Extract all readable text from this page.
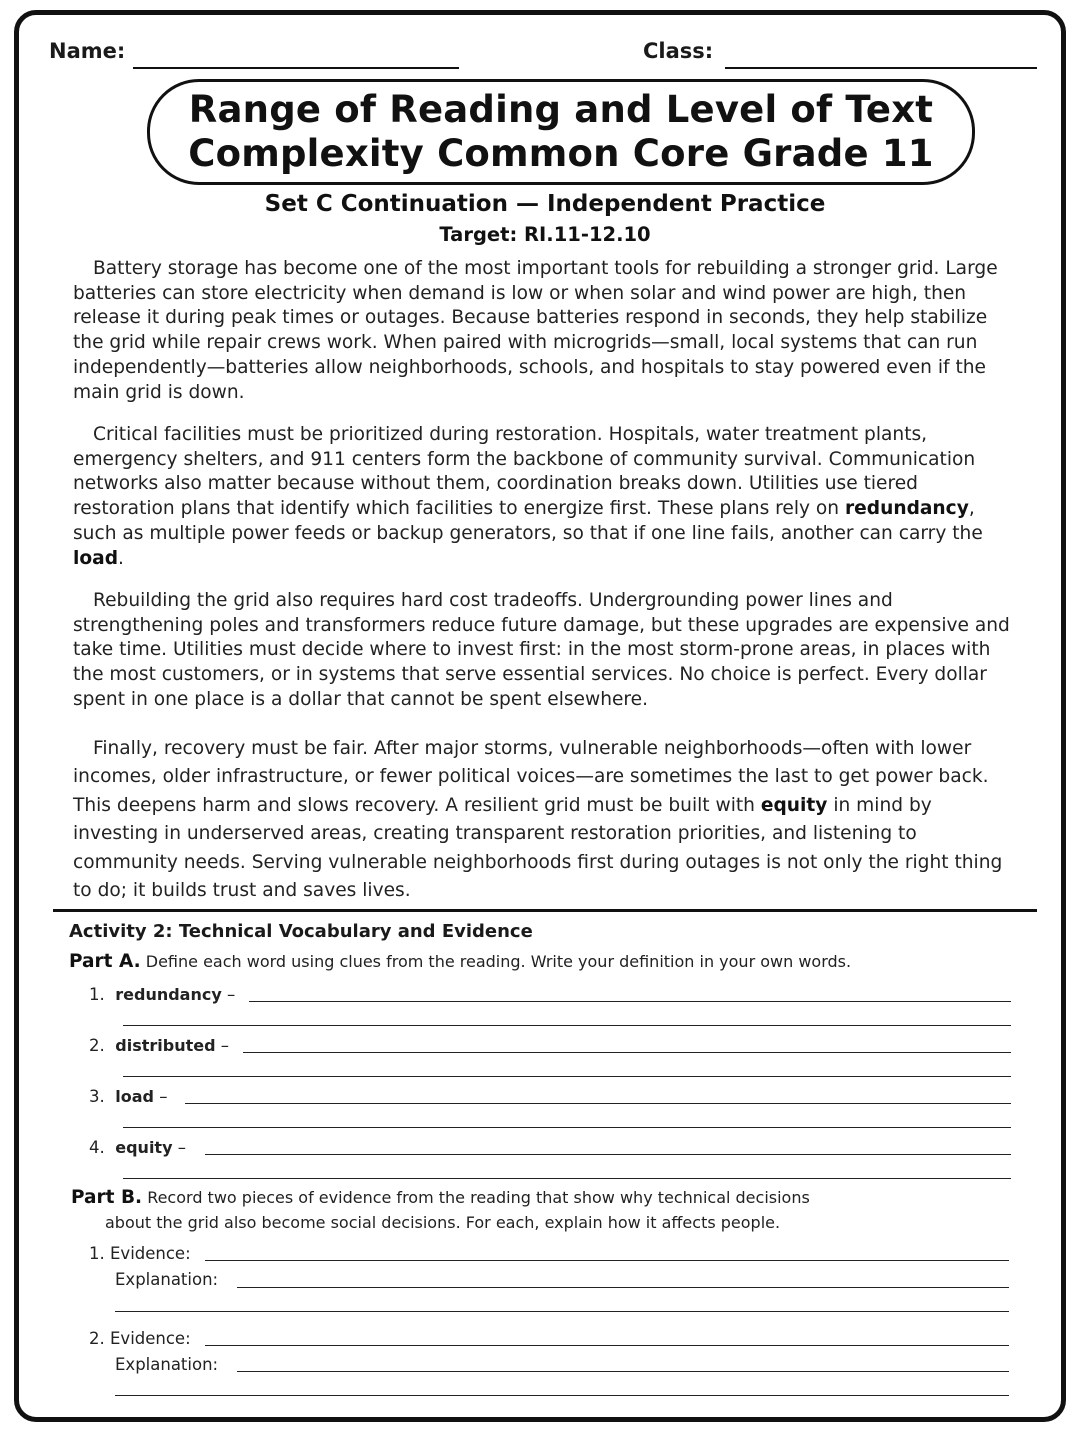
Name:	Class:
Range of Reading and Level of Text
Complexity Common Core Grade 11
Set C Continuation — Independent Practice
Target: RI.11-12.10

Battery storage has become one of the most important tools for rebuilding a stronger grid. Large batteries can store electricity when demand is low or when solar and wind power are high, then release it during peak times or outages. Because batteries respond in seconds, they help stabilize the grid while repair crews work. When paired with microgrids—small, local systems that can run independently—batteries allow neighborhoods, schools, and hospitals to stay powered even if the main grid is down.

Critical facilities must be prioritized during restoration. Hospitals, water treatment plants, emergency shelters, and 911 centers form the backbone of community survival. Communication networks also matter because without them, coordination breaks down. Utilities use tiered restoration plans that identify which facilities to energize first. These plans rely on redundancy, such as multiple power feeds or backup generators, so that if one line fails, another can carry the load.

Rebuilding the grid also requires hard cost tradeoffs. Undergrounding power lines and strengthening poles and transformers reduce future damage, but these upgrades are expensive and take time. Utilities must decide where to invest first: in the most storm-prone areas, in places with the most customers, or in systems that serve essential services. No choice is perfect. Every dollar spent in one place is a dollar that cannot be spent elsewhere.

Finally, recovery must be fair. After major storms, vulnerable neighborhoods—often with lower incomes, older infrastructure, or fewer political voices—are sometimes the last to get power back. This deepens harm and slows recovery. A resilient grid must be built with equity in mind by investing in underserved areas, creating transparent restoration priorities, and listening to community needs. Serving vulnerable neighborhoods first during outages is not only the right thing to do; it builds trust and saves lives.

Activity 2: Technical Vocabulary and Evidence
Part A. Define each word using clues from the reading. Write your definition in your own words.
1. redundancy –
2. distributed –
3. load –
4. equity –
Part B. Record two pieces of evidence from the reading that show why technical decisions
about the grid also become social decisions. For each, explain how it affects people.
1. Evidence:
Explanation:
2. Evidence:
Explanation:
